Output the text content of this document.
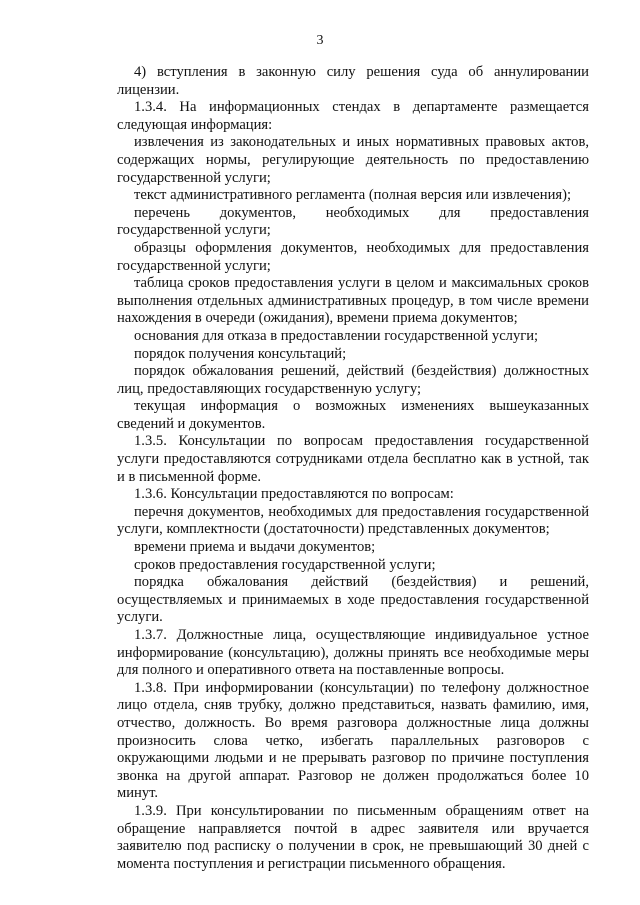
3

4) вступления в законную силу решения суда об аннулировании лицензии.

1.3.4. На информационных стендах в департаменте размещается следующая информация:

извлечения из законодательных и иных нормативных правовых актов, содержащих нормы, регулирующие деятельность по предоставлению государственной услуги;

текст административного регламента (полная версия или извлечения);

перечень документов, необходимых для предоставления государственной услуги;

образцы оформления документов, необходимых для предоставления государственной услуги;

таблица сроков предоставления услуги в целом и максимальных сроков выполнения отдельных административных процедур, в том числе времени нахождения в очереди (ожидания), времени приема документов;

основания для отказа в предоставлении государственной услуги;

порядок получения консультаций;

порядок обжалования решений, действий (бездействия) должностных лиц, предоставляющих государственную услугу;

текущая информация о возможных изменениях вышеуказанных сведений и документов.

1.3.5. Консультации по вопросам предоставления государственной услуги предоставляются сотрудниками отдела бесплатно как в устной, так и в письменной форме.

1.3.6. Консультации предоставляются по вопросам:

перечня документов, необходимых для предоставления государственной услуги, комплектности (достаточности) представленных документов;

времени приема и выдачи документов;

сроков предоставления государственной услуги;

порядка обжалования действий (бездействия) и решений, осуществляемых и принимаемых в ходе предоставления государственной услуги.

1.3.7. Должностные лица, осуществляющие индивидуальное устное информирование (консультацию), должны принять все необходимые меры для полного и оперативного ответа на поставленные вопросы.

1.3.8. При информировании (консультации) по телефону должностное лицо отдела, сняв трубку, должно представиться, назвать фамилию, имя, отчество, должность. Во время разговора должностные лица должны произносить слова четко, избегать параллельных разговоров с окружающими людьми и не прерывать разговор по причине поступления звонка на другой аппарат. Разговор не должен продолжаться более 10 минут.

1.3.9. При консультировании по письменным обращениям ответ на обращение направляется почтой в адрес заявителя или вручается заявителю под расписку о получении в срок, не превышающий 30 дней с момента поступления и регистрации письменного обращения.
